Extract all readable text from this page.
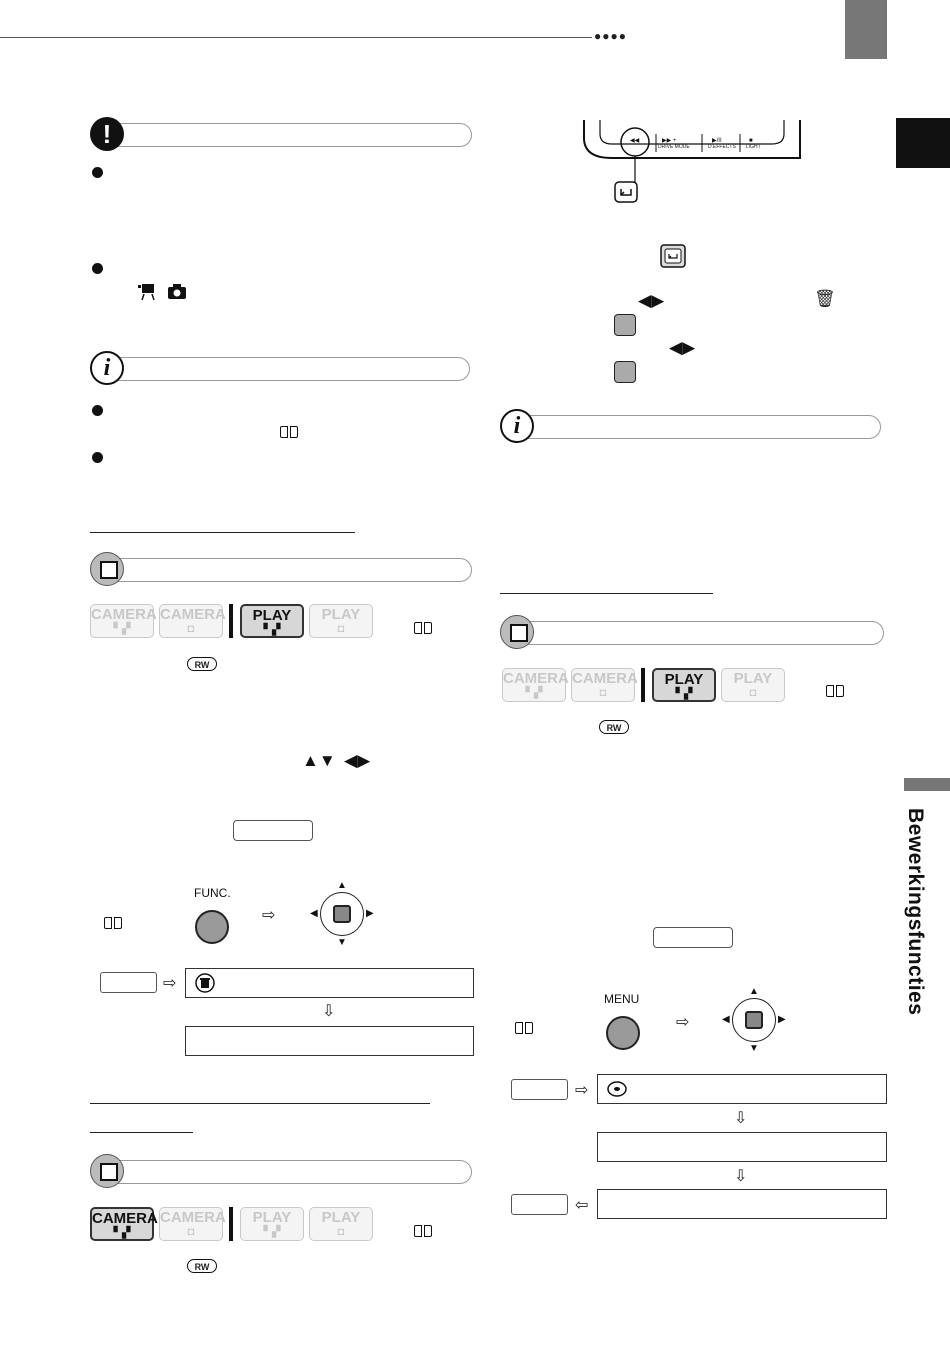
●●●●
Bewerkingsfuncties
!
i
CAMERA
▘▞
CAMERA
◘
PLAY
▘▞
PLAY
◘
RW
▲▼ ◀▶
FUNC.
⇨
▲
▼
◀	▶
⇨
⇩
CAMERA
▘▞
CAMERA
◘
PLAY
▘▞
PLAY
◘
RW
◀◀	▶▶ +	▶/II	■
DRIVE MODE	D.EFFECTS LIGHT
◀▶	🗑
◀▶
i
CAMERA
▘▞
CAMERA
◘
PLAY
▘▞
PLAY
◘
RW
MENU
⇨
▲
▼
◀	▶
⇨
⇩
⇩
⇦
